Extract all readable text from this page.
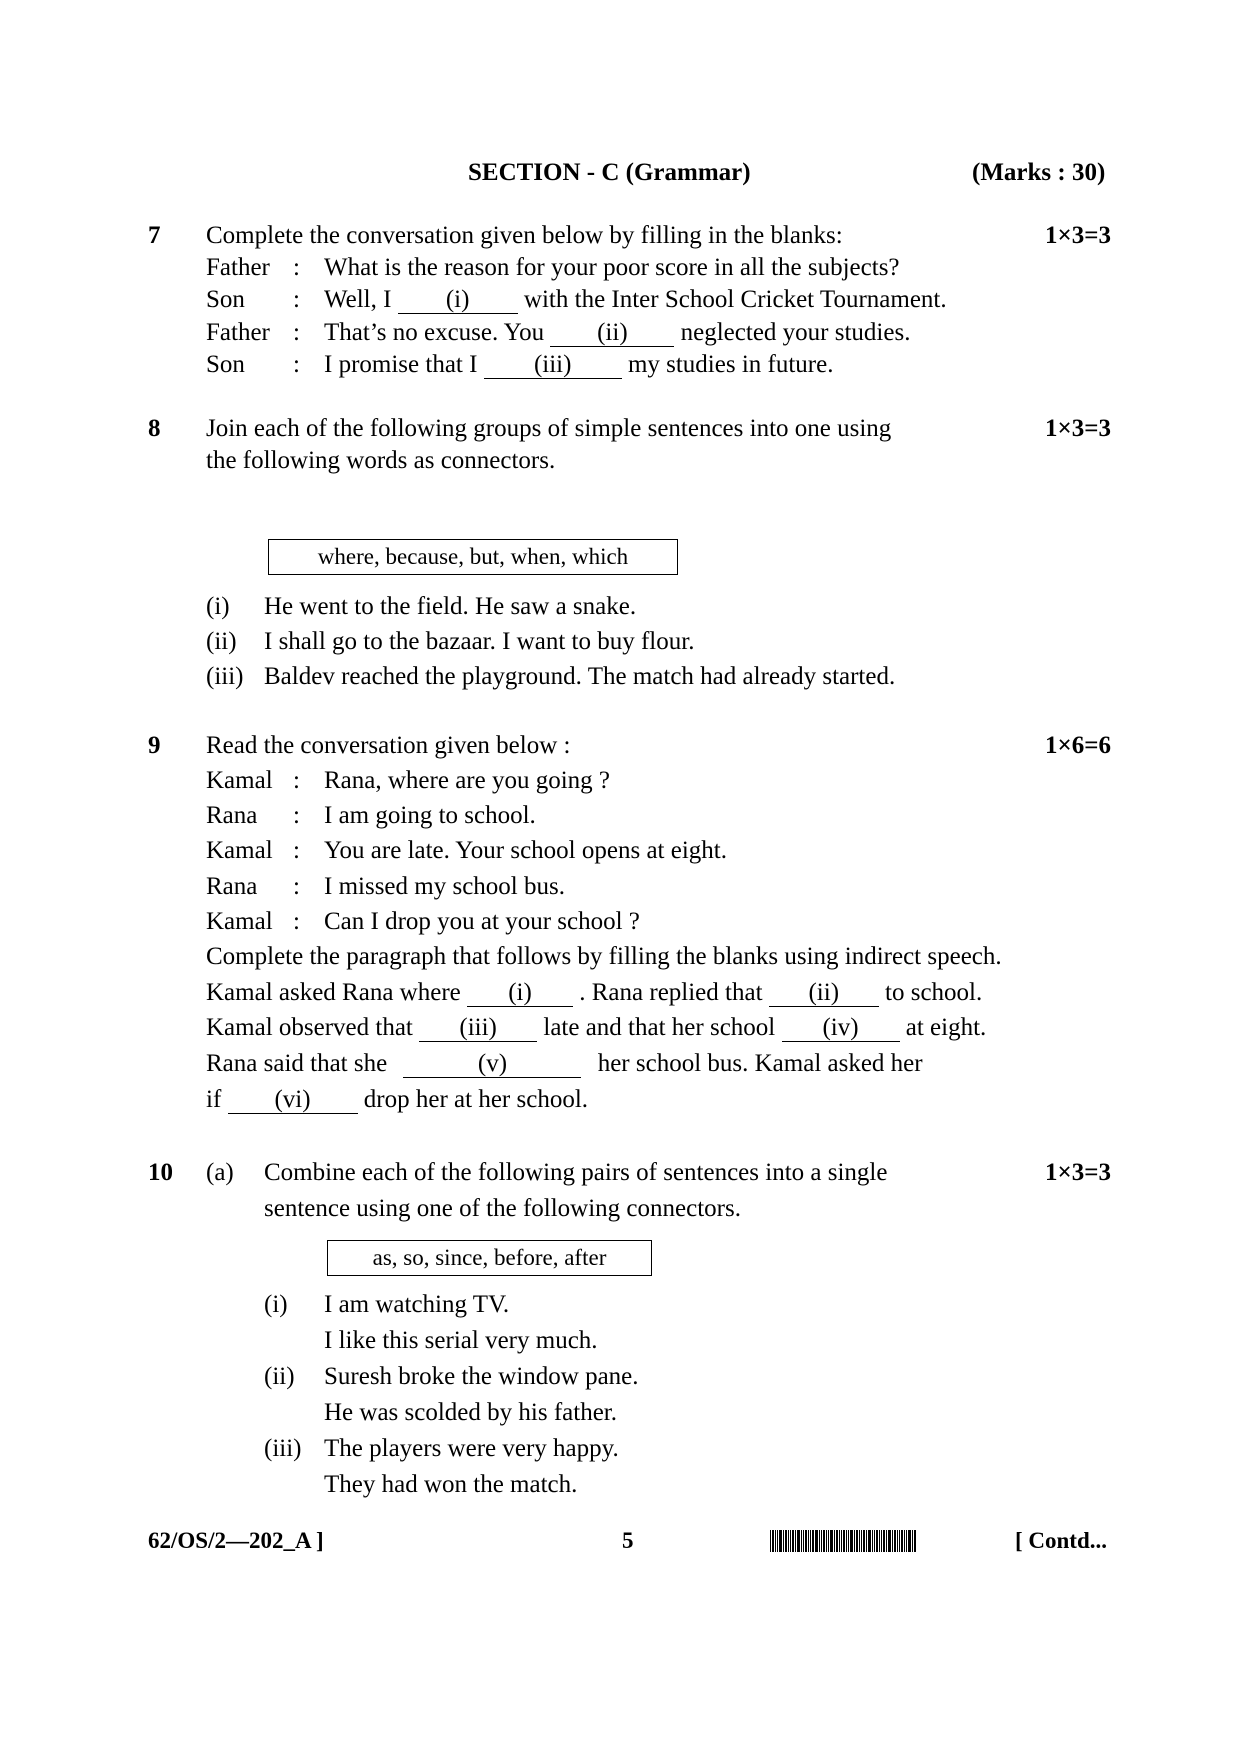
SECTION - C (Grammar)	(Marks : 30)
7 Complete the conversation given below by filling in the blanks:	1×3=3
Father : What is the reason for your poor score in all the subjects?
Son : Well, I (i) with the Inter School Cricket Tournament.
Father : That’s no excuse. You (ii) neglected your studies.
Son : I promise that I (iii) my studies in future.
8 Join each of the following groups of simple sentences into one using	1×3=3
the following words as connectors.
where, because, but, when, which
(i) He went to the field. He saw a snake.
(ii) I shall go to the bazaar. I want to buy flour.
(iii) Baldev reached the playground. The match had already started.
9 Read the conversation given below :	1×6=6
Kamal : Rana, where are you going ?
Rana : I am going to school.
Kamal : You are late. Your school opens at eight.
Rana : I missed my school bus.
Kamal : Can I drop you at your school ?
Complete the paragraph that follows by filling the blanks using indirect speech.
Kamal asked Rana where (i) . Rana replied that (ii) to school.
Kamal observed that (iii) late and that her school (iv) at eight.
Rana said that she	(v)	her school bus. Kamal asked her
if (vi) drop her at her school.
10 (a) Combine each of the following pairs of sentences into a single	1×3=3
sentence using one of the following connectors.
as, so, since, before, after
(i) I am watching TV.
I like this serial very much.
(ii) Suresh broke the window pane.
He was scolded by his father.
(iii) The players were very happy.
They had won the match.
62/OS/2—202_A ]	5	[ Contd...
